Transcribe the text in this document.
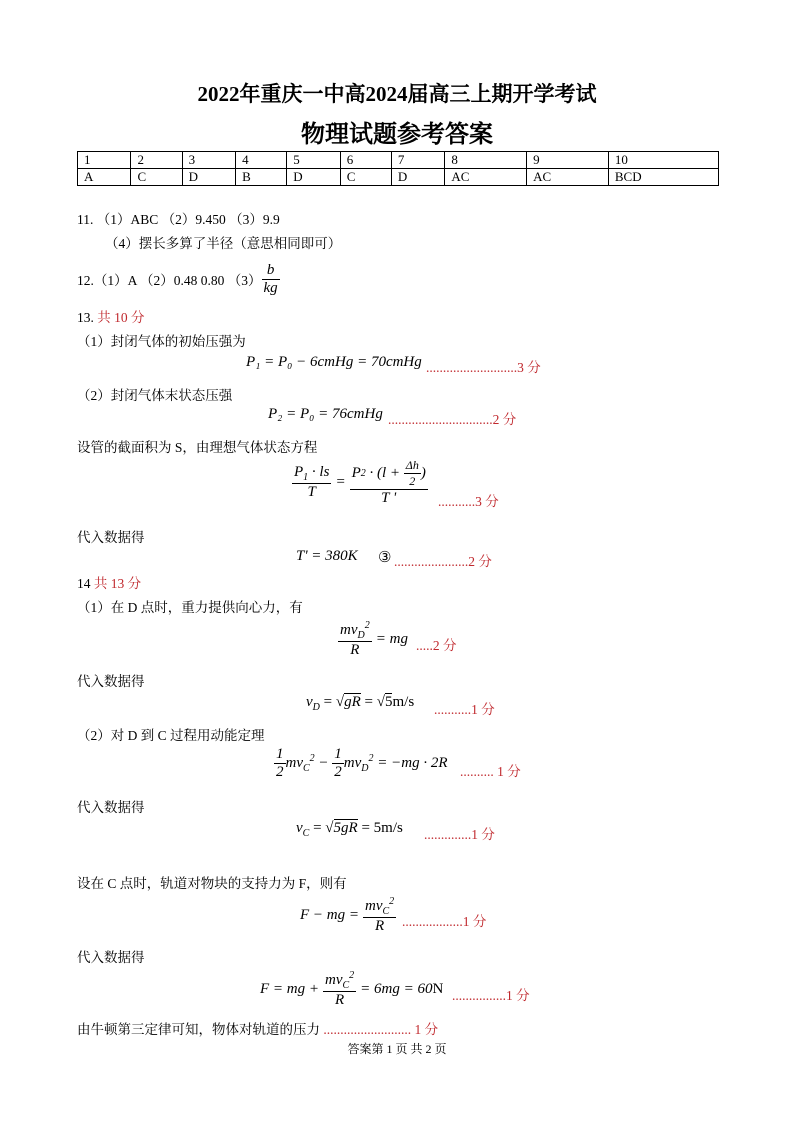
2022年重庆一中高2024届高三上期开学考试
物理试题参考答案
1	2	3	4	5	6	7	8	9	10
A	C	D	B	D	C	D	AC	AC	BCD
11. （1）ABC （2）9.450 （3）9.9
（4）摆长多算了半径（意思相同即可）
12.（1）A （2）0.48 0.80 $(3) \frac{b}{kg}$
13. 共 10 分
（1）封闭气体的初始压强为
P₁ = P₀ − 6cmHg = 70cmHg ...........................3 分
（2）封闭气体末状态压强
P₂ = P₀ = 76cmHg ...............................2 分
设管的截面积为 S，由理想气体状态方程
$\frac{P_1 \cdot ls}{T} = \frac{P 2 \cdot (l + \frac{\Delta h}{2} )}{T '} ...........3$ 分
代入数据得
T' = 380K ③ ......................2 分
14 共 13 分
（1）在 D 点时，重力提供向心力，有
$\frac{mv_D^2}{R}$ = mg .....2 分
代入数据得
$v_D = √gR = √5m/s$ ...........1 分
（2）对 D 到 C 过程用动能定理
$\frac{1}{2} mv_C^2 - \frac{1}{2} mv_D^2 = -mg \cdot 2R$
.......... 1 分
代入数据得
$v_C = √5gR = 5m/s$ ..............1 分
设在 C 点时，轨道对物块的支持力为 F，则有
F − mg = $\frac{mv_C^2}{R} ..................1$ 分
代入数据得
F = mg + $\frac{mv_C^2}{R} = 6mg = 60N$ ................1 分
由牛顿第三定律可知，物体对轨道的压力 .......................... 1 分
答案第 1 页 共 2 页
